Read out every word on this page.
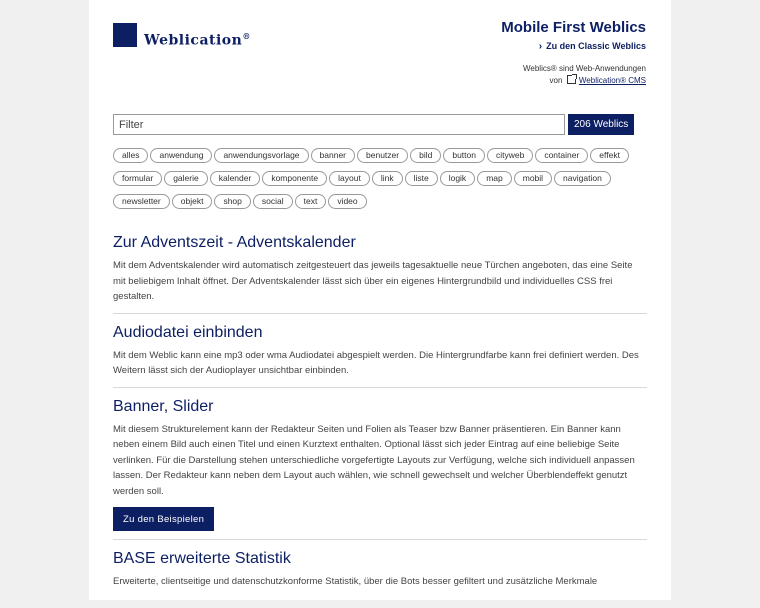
Weblication®
Mobile First Weblics
› Zu den Classic Weblics
Weblics® sind Web-Anwendungen
von Weblication® CMS
Filter
206 Weblics
alles anwendung anwendungsvorlage banner benutzer bild button cityweb container effektformular galerie kalender komponente layout link liste logik map mobil navigationnewsletter objekt shop social text video
Zur Adventszeit - Adventskalender

Mit dem Adventskalender wird automatisch zeitgesteuert das jeweils tagesaktuelle neue Türchen angeboten, das eine Seite mit beliebigem Inhalt öffnet. Der Adventskalender lässt sich über ein eigenes Hintergrundbild und individuelles CSS frei gestalten.

Audiodatei einbinden

Mit dem Weblic kann eine mp3 oder wma Audiodatei abgespielt werden. Die Hintergrundfarbe kann frei definiert werden. Des Weitern lässt sich der Audioplayer unsichtbar einbinden.

Banner, Slider

Mit diesem Strukturelement kann der Redakteur Seiten und Folien als Teaser bzw Banner präsentieren. Ein Banner kann neben einem Bild auch einen Titel und einen Kurztext enthalten. Optional lässt sich jeder Eintrag auf eine beliebige Seite verlinken. Für die Darstellung stehen unterschiedliche vorgefertigte Layouts zur Verfügung, welche sich individuell anpassen lassen. Der Redakteur kann neben dem Layout auch wählen, wie schnell gewechselt und welcher Überblendeffekt genutzt werden soll.

Zu den Beispielen
BASE erweiterte Statistik

Erweiterte, clientseitige und datenschutzkonforme Statistik, über die Bots besser gefiltert und zusätzliche Merkmale
